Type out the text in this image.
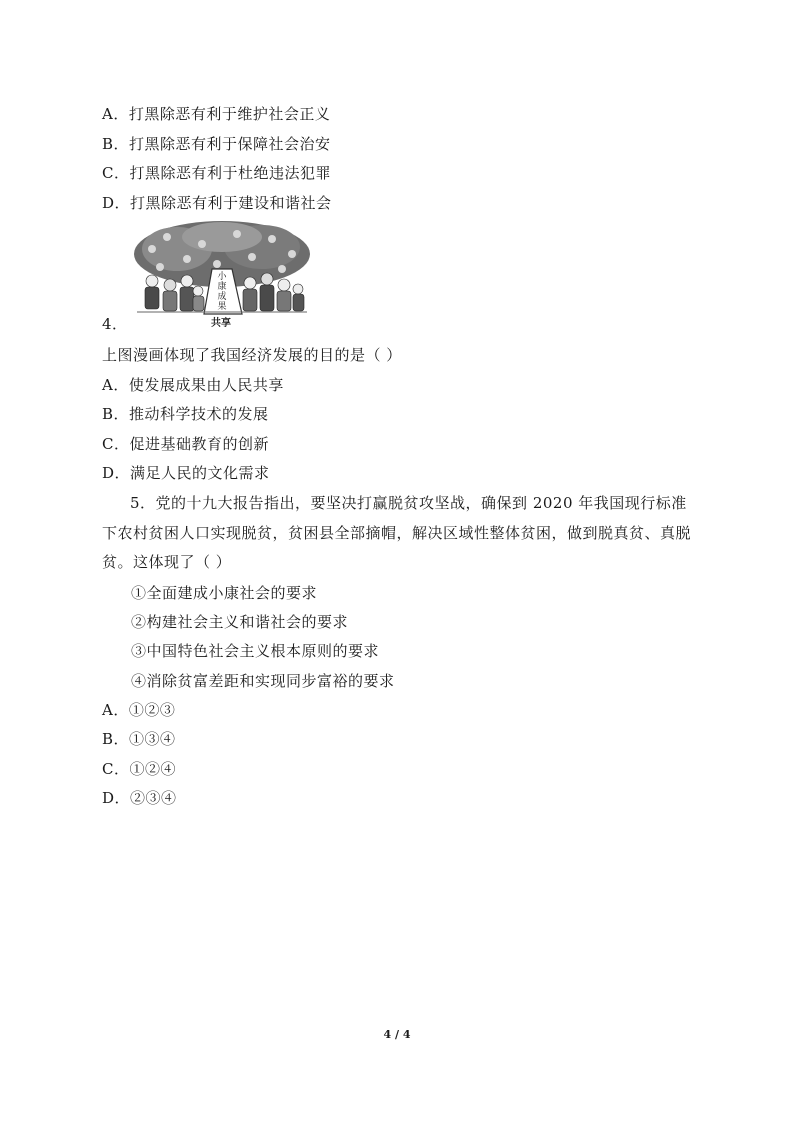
A．打黑除恶有利于维护社会正义
B．打黑除恶有利于保障社会治安
C．打黑除恶有利于杜绝违法犯罪
D．打黑除恶有利于建设和谐社会
小康成果
共享
4．
上图漫画体现了我国经济发展的目的是（ ）
A．使发展成果由人民共享
B．推动科学技术的发展
C．促进基础教育的创新
D．满足人民的文化需求
5．党的十九大报告指出，要坚决打赢脱贫攻坚战，确保到 2020 年我国现行标准下农村贫困人口实现脱贫，贫困县全部摘帽，解决区域性整体贫困，做到脱真贫、真脱贫。这体现了（ ）
①全面建成小康社会的要求
②构建社会主义和谐社会的要求
③中国特色社会主义根本原则的要求
④消除贫富差距和实现同步富裕的要求
A．①②③
B．①③④
C．①②④
D．②③④
4 / 4
